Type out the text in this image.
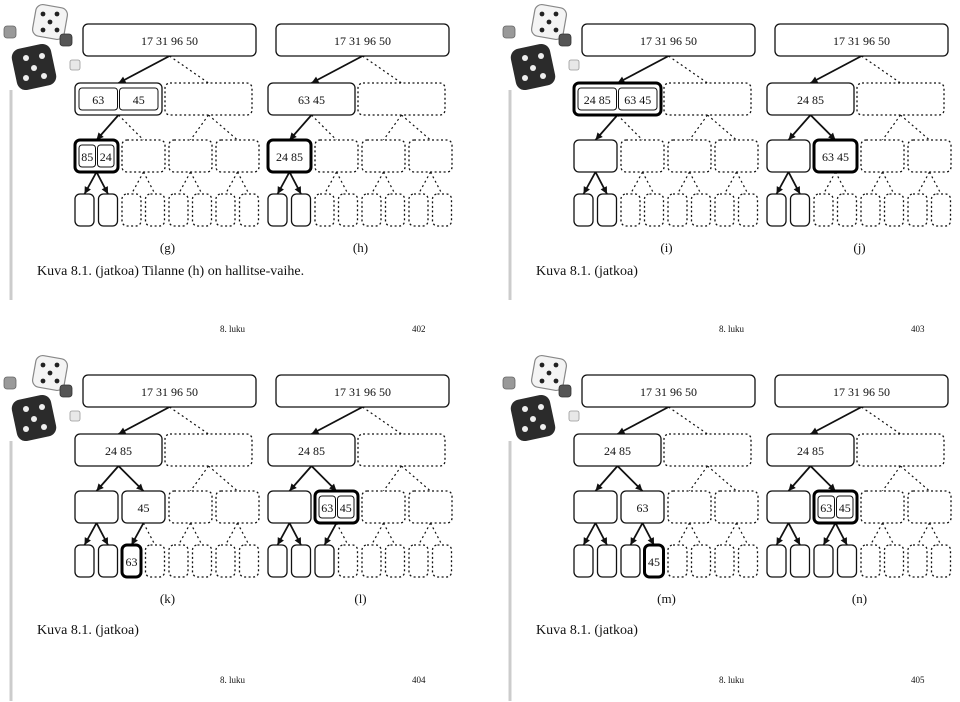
17 31 96 50
63 45
85 24
(g)
17 31 96 50
63 45
24 85
(h)
Kuva 8.1. (jatkoa) Tilanne (h) on hallitse-vaihe.
8. luku	402
17 31 96 50
24 85 63 45
(i)
17 31 96 50
24 85
63 45
(j)
Kuva 8.1. (jatkoa)
8. luku	403
17 31 96 50
24 85
45
63
(k)
17 31 96 50
24 85
63 45
(l)
Kuva 8.1. (jatkoa)
8. luku	404
17 31 96 50
24 85
63
45
(m)
17 31 96 50
24 85
63 45
(n)
Kuva 8.1. (jatkoa)
8. luku	405
